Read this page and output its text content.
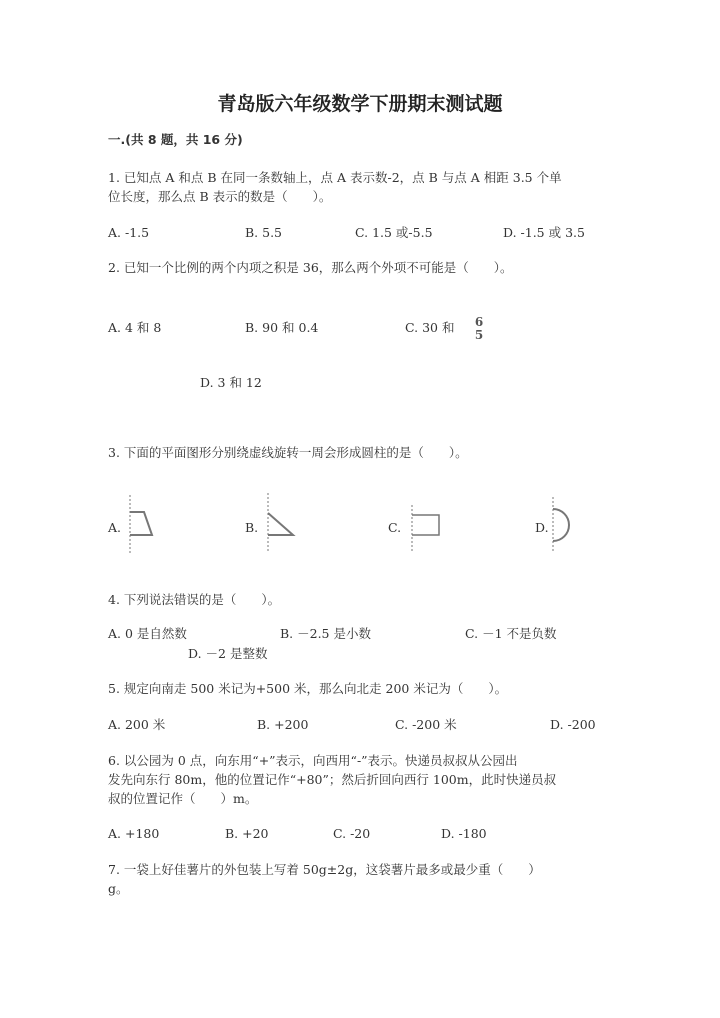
青岛版六年级数学下册期末测试题
一.(共 8 题，共 16 分)
1. 已知点 A 和点 B 在同一条数轴上，点 A 表示数-2，点 B 与点 A 相距 3.5 个单
位长度，那么点 B 表示的数是（　　）。
A. -1.5	B. 5.5	C. 1.5 或-5.5	D. -1.5 或 3.5
2. 已知一个比例的两个内项之积是 36，那么两个外项不可能是（　　）。
A. 4 和 8	B. 90 和 0.4	C. 30 和 6
5
D. 3 和 12
3. 下面的平面图形分别绕虚线旋转一周会形成圆柱的是（　　）。
A.	B.	C.	D.
4. 下列说法错误的是（　　）。
A. 0 是自然数	B. －2.5 是小数	C. －1 不是负数
D. －2 是整数
5. 规定向南走 500 米记为+500 米，那么向北走 200 米记为（　　）。
A. 200 米	B. +200	C. -200 米	D. -200
6. 以公园为 0 点，向东用“+”表示，向西用“-”表示。快递员叔叔从公园出
发先向东行 80m，他的位置记作“+80”；然后折回向西行 100m，此时快递员叔
叔的位置记作（　　）m。
A. +180	B. +20	C. -20	D. -180
7. 一袋上好佳薯片的外包装上写着 50g±2g，这袋薯片最多或最少重（　　）
g。
